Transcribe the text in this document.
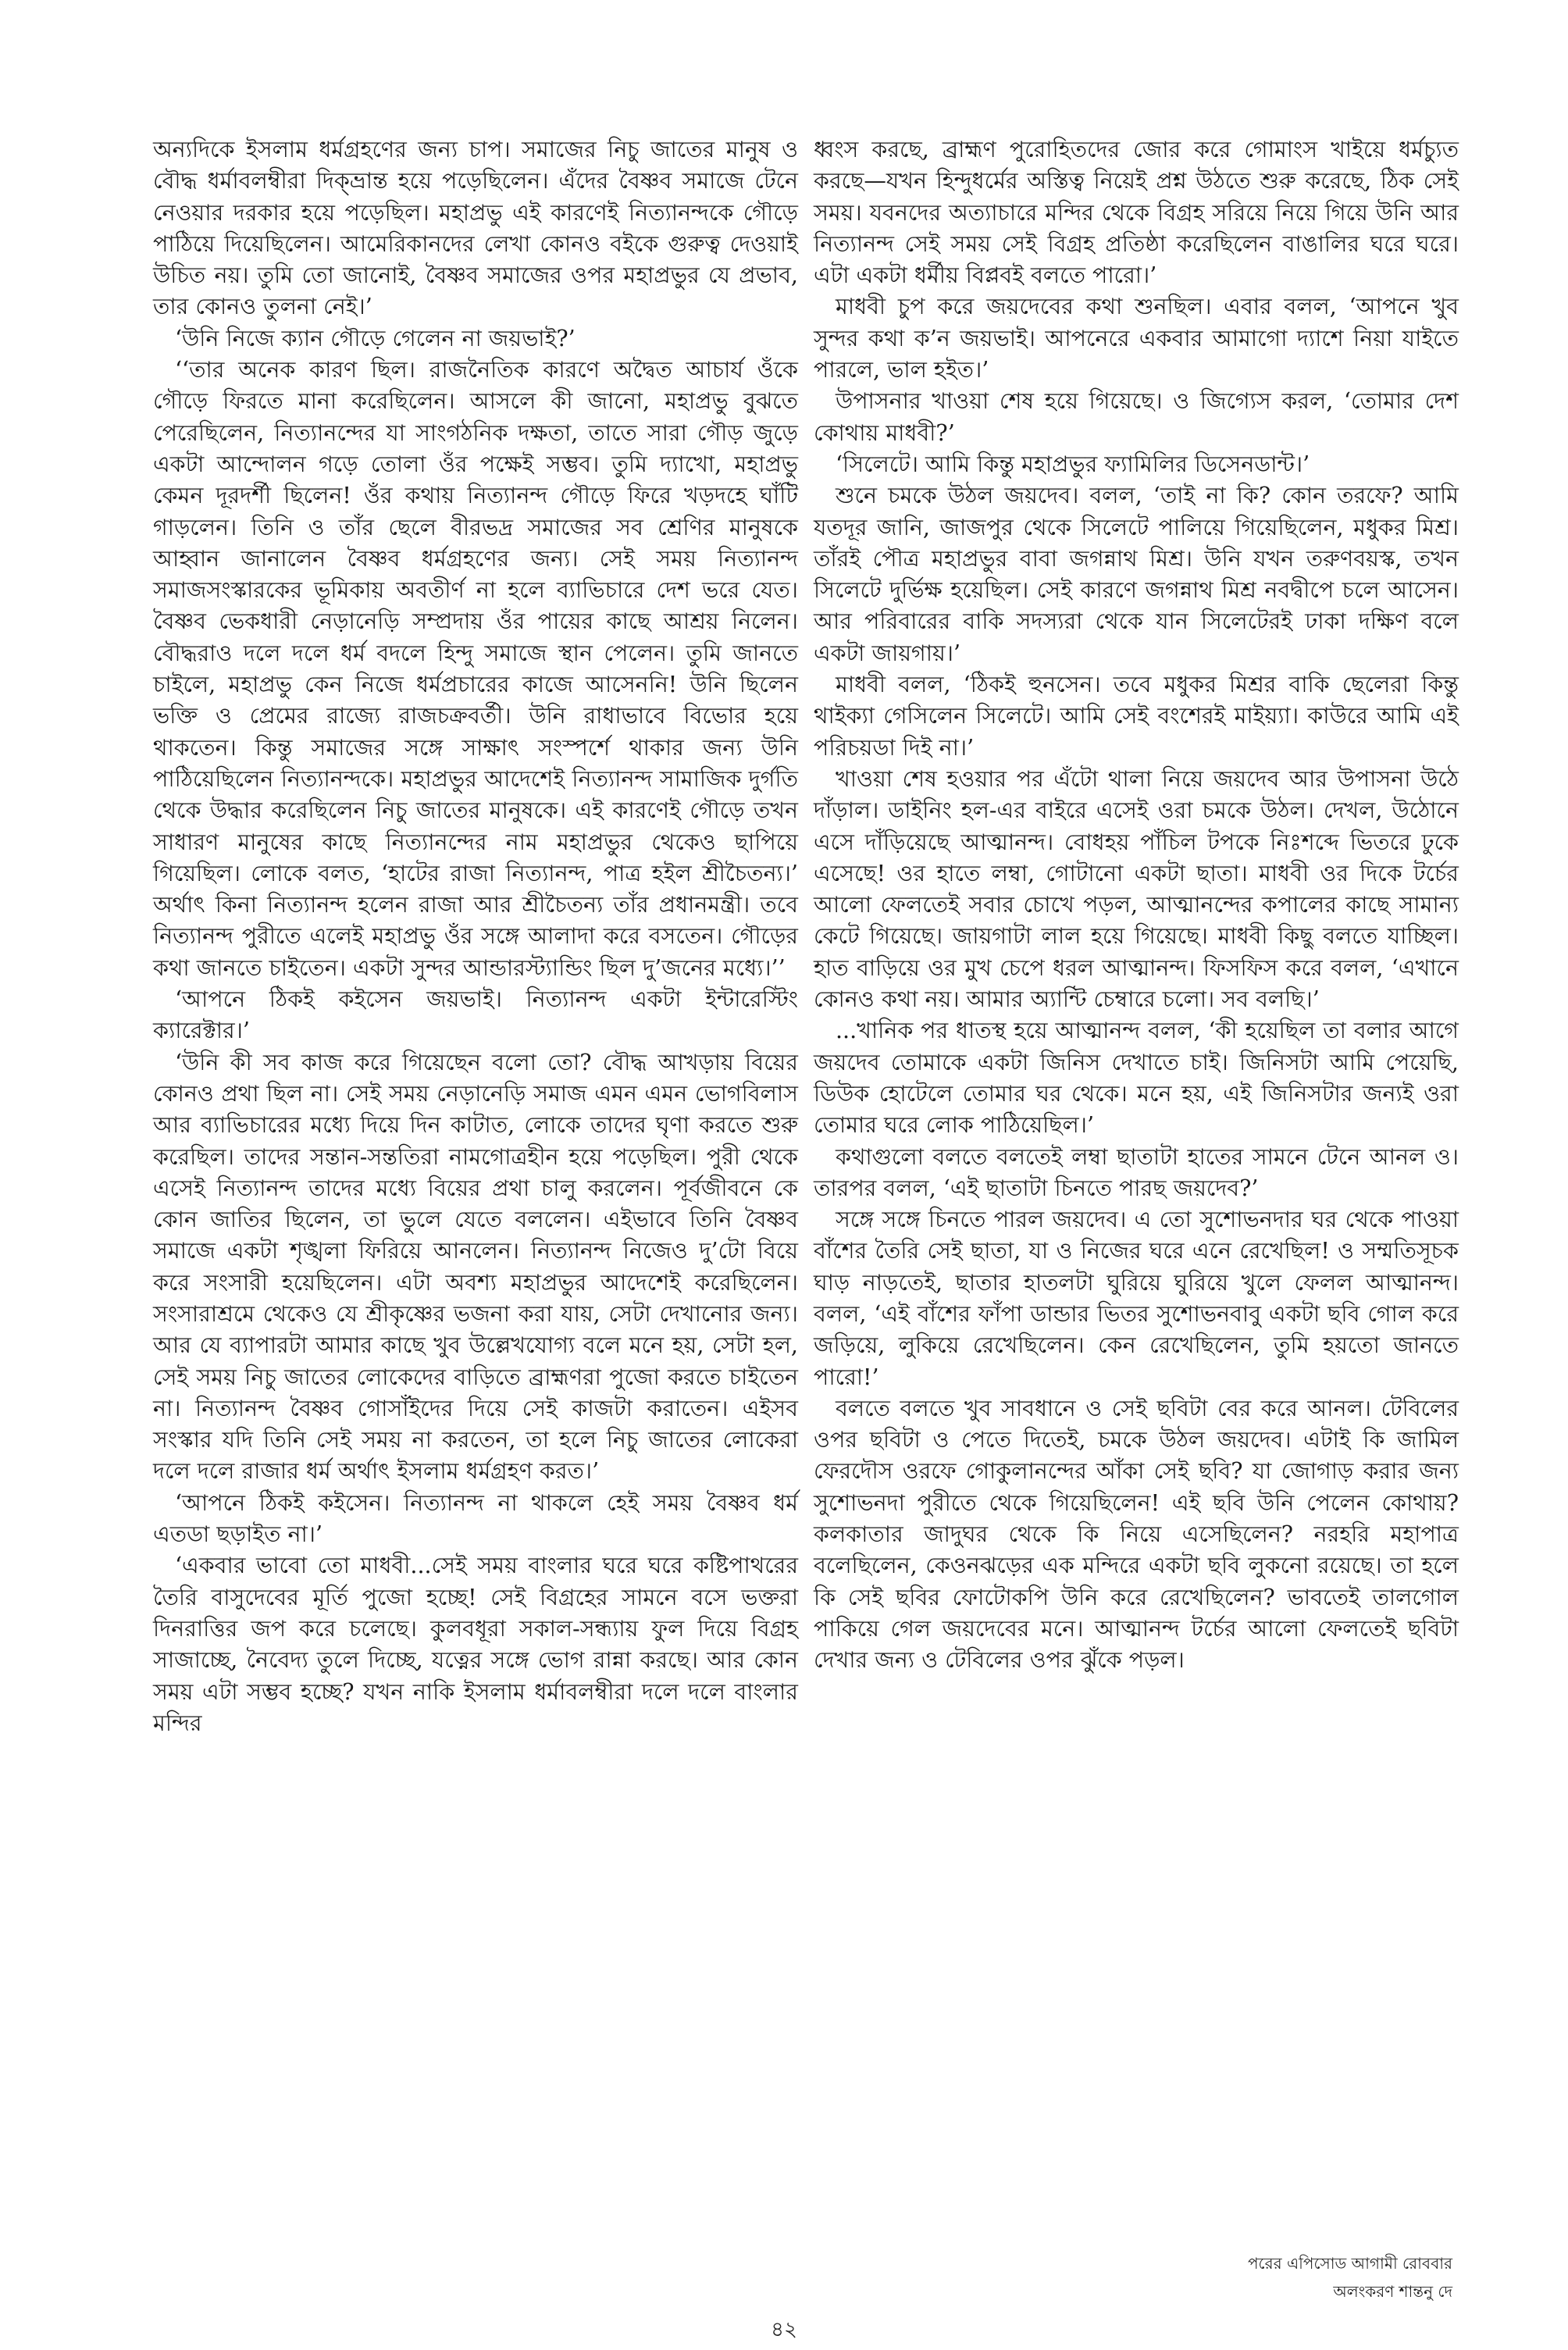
অন্যদিকে ইসলাম ধর্মগ্রহণের জন্য চাপ। সমাজের নিচু জাতের মানুষ ও বৌদ্ধ ধর্মাবলম্বীরা দিক্‌ভ্রান্ত হয়ে পড়েছিলেন। এঁদের বৈষ্ণব সমাজে টেনে নেওয়ার দরকার হয়ে পড়েছিল। মহাপ্রভু এই কারণেই নিত্যানন্দকে গৌড়ে পাঠিয়ে দিয়েছিলেন। আমেরিকানদের লেখা কোনও বইকে গুরুত্ব দেওয়াই উচিত নয়। তুমি তো জানোই, বৈষ্ণব সমাজের ওপর মহাপ্রভুর যে প্রভাব, তার কোনও তুলনা নেই।’

‘উনি নিজে ক্যান গৌড়ে গেলেন না জয়ভাই?’

‘‘তার অনেক কারণ ছিল। রাজনৈতিক কারণে অদ্বৈত আচার্য ওঁকে গৌড়ে ফিরতে মানা করেছিলেন। আসলে কী জানো, মহাপ্রভু বুঝতে পেরেছিলেন, নিত্যানন্দের যা সাংগঠনিক দক্ষতা, তাতে সারা গৌড় জুড়ে একটা আন্দোলন গড়ে তোলা ওঁর পক্ষেই সম্ভব। তুমি দ্যাখো, মহাপ্রভু কেমন দূরদর্শী ছিলেন! ওঁর কথায় নিত্যানন্দ গৌড়ে ফিরে খড়দহে ঘাঁটি গাড়লেন। তিনি ও তাঁর ছেলে বীরভদ্র সমাজের সব শ্রেণির মানুষকে আহ্বান জানালেন বৈষ্ণব ধর্মগ্রহণের জন্য। সেই সময় নিত্যানন্দ সমাজসংস্কারকের ভূমিকায় অবতীর্ণ না হলে ব্যাভিচারে দেশ ভরে যেত। বৈষ্ণব ভেকধারী নেড়ানেড়ি সম্প্রদায় ওঁর পায়ের কাছে আশ্রয় নিলেন। বৌদ্ধরাও দলে দলে ধর্ম বদলে হিন্দু সমাজে স্থান পেলেন। তুমি জানতে চাইলে, মহাপ্রভু কেন নিজে ধর্মপ্রচারের কাজে আসেননি! উনি ছিলেন ভক্তি ও প্রেমের রাজ্যে রাজচক্রবর্তী। উনি রাধাভাবে বিভোর হয়ে থাকতেন। কিন্তু সমাজের সঙ্গে সাক্ষাৎ সংস্পর্শে থাকার জন্য উনি পাঠিয়েছিলেন নিত্যানন্দকে। মহাপ্রভুর আদেশেই নিত্যানন্দ সামাজিক দুর্গতি থেকে উদ্ধার করেছিলেন নিচু জাতের মানুষকে। এই কারণেই গৌড়ে তখন সাধারণ মানুষের কাছে নিত্যানন্দের নাম মহাপ্রভুর থেকেও ছাপিয়ে গিয়েছিল। লোকে বলত, ‘হাটের রাজা নিত্যানন্দ, পাত্র হইল শ্রীচৈতন্য।’ অর্থাৎ কিনা নিত্যানন্দ হলেন রাজা আর শ্রীচৈতন্য তাঁর প্রধানমন্ত্রী। তবে নিত্যানন্দ পুরীতে এলেই মহাপ্রভু ওঁর সঙ্গে আলাদা করে বসতেন। গৌড়ের কথা জানতে চাইতেন। একটা সুন্দর আন্ডারস্ট্যান্ডিং ছিল দু’জনের মধ্যে।’’

‘আপনে ঠিকই কইসেন জয়ভাই। নিত্যানন্দ একটা ইন্টারেস্টিং ক্যারেক্টার।’

‘উনি কী সব কাজ করে গিয়েছেন বলো তো? বৌদ্ধ আখড়ায় বিয়ের কোনও প্রথা ছিল না। সেই সময় নেড়ানেড়ি সমাজ এমন এমন ভোগবিলাস আর ব্যাভিচারের মধ্যে দিয়ে দিন কাটাত, লোকে তাদের ঘৃণা করতে শুরু করেছিল। তাদের সন্তান-সন্ততিরা নামগোত্রহীন হয়ে পড়েছিল। পুরী থেকে এসেই নিত্যানন্দ তাদের মধ্যে বিয়ের প্রথা চালু করলেন। পূর্বজীবনে কে কোন জাতির ছিলেন, তা ভুলে যেতে বললেন। এইভাবে তিনি বৈষ্ণব সমাজে একটা শৃঙ্খলা ফিরিয়ে আনলেন। নিত্যানন্দ নিজেও দু’টো বিয়ে করে সংসারী হয়েছিলেন। এটা অবশ্য মহাপ্রভুর আদেশেই করেছিলেন। সংসারাশ্রমে থেকেও যে শ্রীকৃষ্ণের ভজনা করা যায়, সেটা দেখানোর জন্য। আর যে ব্যাপারটা আমার কাছে খুব উল্লেখযোগ্য বলে মনে হয়, সেটা হল, সেই সময় নিচু জাতের লোকেদের বাড়িতে ব্রাহ্মণরা পুজো করতে চাইতেন না। নিত্যানন্দ বৈষ্ণব গোসাঁইদের দিয়ে সেই কাজটা করাতেন। এইসব সংস্কার যদি তিনি সেই সময় না করতেন, তা হলে নিচু জাতের লোকেরা দলে দলে রাজার ধর্ম অর্থাৎ ইসলাম ধর্মগ্রহণ করত।’

‘আপনে ঠিকই কইসেন। নিত্যানন্দ না থাকলে হেই সময় বৈষ্ণব ধর্ম এতডা ছড়াইত না।’

‘একবার ভাবো তো মাধবী...সেই সময় বাংলার ঘরে ঘরে কষ্টিপাথরের তৈরি বাসুদেবের মূর্তি পুজো হচ্ছে! সেই বিগ্রহের সামনে বসে ভক্তরা দিনরাত্তির জপ করে চলেছে। কুলবধূরা সকাল-সন্ধ্যায় ফুল দিয়ে বিগ্রহ সাজাচ্ছে, নৈবেদ্য তুলে দিচ্ছে, যত্নের সঙ্গে ভোগ রান্না করছে। আর কোন সময় এটা সম্ভব হচ্ছে? যখন নাকি ইসলাম ধর্মাবলম্বীরা দলে দলে বাংলার মন্দির

ধ্বংস করছে, ব্রাহ্মণ পুরোহিতদের জোর করে গোমাংস খাইয়ে ধর্মচ্যুত করছে—যখন হিন্দুধর্মের অস্তিত্ব নিয়েই প্রশ্ন উঠতে শুরু করেছে, ঠিক সেই সময়। যবনদের অত্যাচারে মন্দির থেকে বিগ্রহ সরিয়ে নিয়ে গিয়ে উনি আর নিত্যানন্দ সেই সময় সেই বিগ্রহ প্রতিষ্ঠা করেছিলেন বাঙালির ঘরে ঘরে। এটা একটা ধর্মীয় বিপ্লবই বলতে পারো।’

মাধবী চুপ করে জয়দেবের কথা শুনছিল। এবার বলল, ‘আপনে খুব সুন্দর কথা ক’ন জয়ভাই। আপনেরে একবার আমাগো দ্যাশে নিয়া যাইতে পারলে, ভাল হইত।’

উপাসনার খাওয়া শেষ হয়ে গিয়েছে। ও জিগ্যেস করল, ‘তোমার দেশ কোথায় মাধবী?’

‘সিলেটে। আমি কিন্তু মহাপ্রভুর ফ্যামিলির ডিসেনডান্ট।’

শুনে চমকে উঠল জয়দেব। বলল, ‘তাই না কি? কোন তরফে? আমি যতদূর জানি, জাজপুর থেকে সিলেটে পালিয়ে গিয়েছিলেন, মধুকর মিশ্র। তাঁরই পৌত্র মহাপ্রভুর বাবা জগন্নাথ মিশ্র। উনি যখন তরুণবয়স্ক, তখন সিলেটে দুর্ভিক্ষ হয়েছিল। সেই কারণে জগন্নাথ মিশ্র নবদ্বীপে চলে আসেন। আর পরিবারের বাকি সদস্যরা থেকে যান সিলেটেরই ঢাকা দক্ষিণ বলে একটা জায়গায়।’

মাধবী বলল, ‘ঠিকই হুনসেন। তবে মধুকর মিশ্রর বাকি ছেলেরা কিন্তু থাইক্যা গেসিলেন সিলেটে। আমি সেই বংশেরই মাইয়্যা। কাউরে আমি এই পরিচয়ডা দিই না।’

খাওয়া শেষ হওয়ার পর এঁটো থালা নিয়ে জয়দেব আর উপাসনা উঠে দাঁড়াল। ডাইনিং হল-এর বাইরে এসেই ওরা চমকে উঠল। দেখল, উঠোনে এসে দাঁড়িয়েছে আত্মানন্দ। বোধহয় পাঁচিল টপকে নিঃশব্দে ভিতরে ঢুকে এসেছে! ওর হাতে লম্বা, গোটানো একটা ছাতা। মাধবী ওর দিকে টর্চের আলো ফেলতেই সবার চোখে পড়ল, আত্মানন্দের কপালের কাছে সামান্য কেটে গিয়েছে। জায়গাটা লাল হয়ে গিয়েছে। মাধবী কিছু বলতে যাচ্ছিল। হাত বাড়িয়ে ওর মুখ চেপে ধরল আত্মানন্দ। ফিসফিস করে বলল, ‘এখানে কোনও কথা নয়। আমার অ্যান্টি চেম্বারে চলো। সব বলছি।’

...খানিক পর ধাতস্থ হয়ে আত্মানন্দ বলল, ‘কী হয়েছিল তা বলার আগে জয়দেব তোমাকে একটা জিনিস দেখাতে চাই। জিনিসটা আমি পেয়েছি, ডিউক হোটেলে তোমার ঘর থেকে। মনে হয়, এই জিনিসটার জন্যই ওরা তোমার ঘরে লোক পাঠিয়েছিল।’

কথাগুলো বলতে বলতেই লম্বা ছাতাটা হাতের সামনে টেনে আনল ও। তারপর বলল, ‘এই ছাতাটা চিনতে পারছ জয়দেব?’

সঙ্গে সঙ্গে চিনতে পারল জয়দেব। এ তো সুশোভনদার ঘর থেকে পাওয়া বাঁশের তৈরি সেই ছাতা, যা ও নিজের ঘরে এনে রেখেছিল! ও সম্মতিসূচক ঘাড় নাড়তেই, ছাতার হাতলটা ঘুরিয়ে ঘুরিয়ে খুলে ফেলল আত্মানন্দ। বলল, ‘এই বাঁশের ফাঁপা ডান্ডার ভিতর সুশোভনবাবু একটা ছবি গোল করে জড়িয়ে, লুকিয়ে রেখেছিলেন। কেন রেখেছিলেন, তুমি হয়তো জানতে পারো!’

বলতে বলতে খুব সাবধানে ও সেই ছবিটা বের করে আনল। টেবিলের ওপর ছবিটা ও পেতে দিতেই, চমকে উঠল জয়দেব। এটাই কি জামিল ফেরদৌস ওরফে গোকুলানন্দের আঁকা সেই ছবি? যা জোগাড় করার জন্য সুশোভনদা পুরীতে থেকে গিয়েছিলেন! এই ছবি উনি পেলেন কোথায়? কলকাতার জাদুঘর থেকে কি নিয়ে এসেছিলেন? নরহরি মহাপাত্র বলেছিলেন, কেওনঝড়ের এক মন্দিরে একটা ছবি লুকনো রয়েছে। তা হলে কি সেই ছবির ফোটোকপি উনি করে রেখেছিলেন? ভাবতেই তালগোল পাকিয়ে গেল জয়দেবের মনে। আত্মানন্দ টর্চের আলো ফেলতেই ছবিটা দেখার জন্য ও টেবিলের ওপর ঝুঁকে পড়ল।

পরের এপিসোড আগামী রোববার
অলংকরণ শান্তনু দে
৪২
